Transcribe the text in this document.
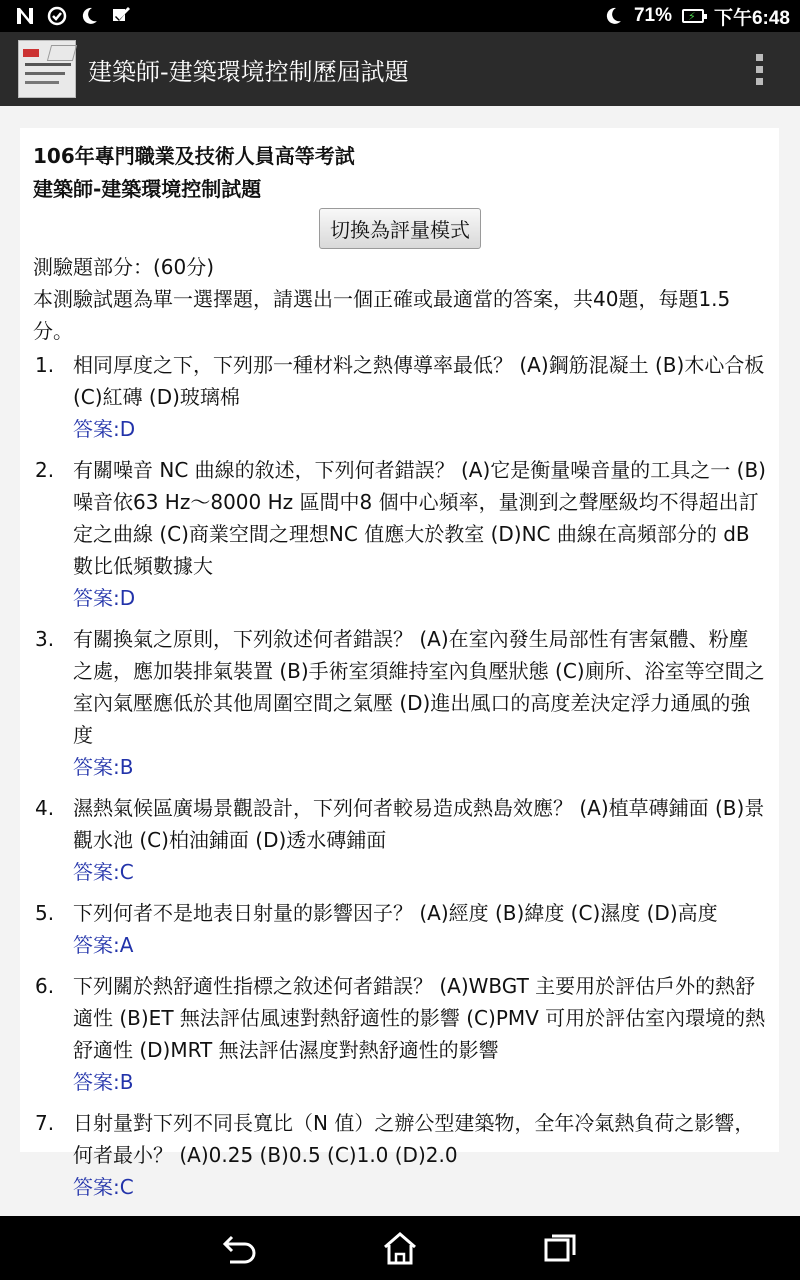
71% ⚡ 下午6:48
建築師-建築環境控制歷屆試題
106年專門職業及技術人員高等考試
建築師-建築環境控制試題
切換為評量模式
測驗題部分：(60分)
本測驗試題為單一選擇題，請選出一個正確或最適當的答案，共40題，每題1.5分。
1. 相同厚度之下，下列那一種材料之熱傳導率最低？ (A)鋼筋混凝土 (B)木心合板 (C)紅磚 (D)玻璃棉
答案:D
2. 有關噪音 NC 曲線的敘述，下列何者錯誤？ (A)它是衡量噪音量的工具之一 (B)噪音依63 Hz～8000 Hz 區間中8 個中心頻率，量測到之聲壓級均不得超出訂定之曲線 (C)商業空間之理想NC 值應大於教室 (D)NC 曲線在高頻部分的 dB 數比低頻數據大
答案:D
3. 有關換氣之原則，下列敘述何者錯誤？ (A)在室內發生局部性有害氣體、粉塵之處，應加裝排氣裝置 (B)手術室須維持室內負壓狀態 (C)廁所、浴室等空間之室內氣壓應低於其他周圍空間之氣壓 (D)進出風口的高度差決定浮力通風的強度
答案:B
4. 濕熱氣候區廣場景觀設計，下列何者較易造成熱島效應？ (A)植草磚鋪面 (B)景觀水池 (C)柏油鋪面 (D)透水磚鋪面
答案:C
5. 下列何者不是地表日射量的影響因子？ (A)經度 (B)緯度 (C)濕度 (D)高度
答案:A
6. 下列關於熱舒適性指標之敘述何者錯誤？ (A)WBGT 主要用於評估戶外的熱舒適性 (B)ET 無法評估風速對熱舒適性的影響 (C)PMV 可用於評估室內環境的熱舒適性 (D)MRT 無法評估濕度對熱舒適性的影響
答案:B
7. 日射量對下列不同長寬比（N 值）之辦公型建築物，全年冷氣熱負荷之影響，何者最小？ (A)0.25 (B)0.5 (C)1.0 (D)2.0
答案:C
